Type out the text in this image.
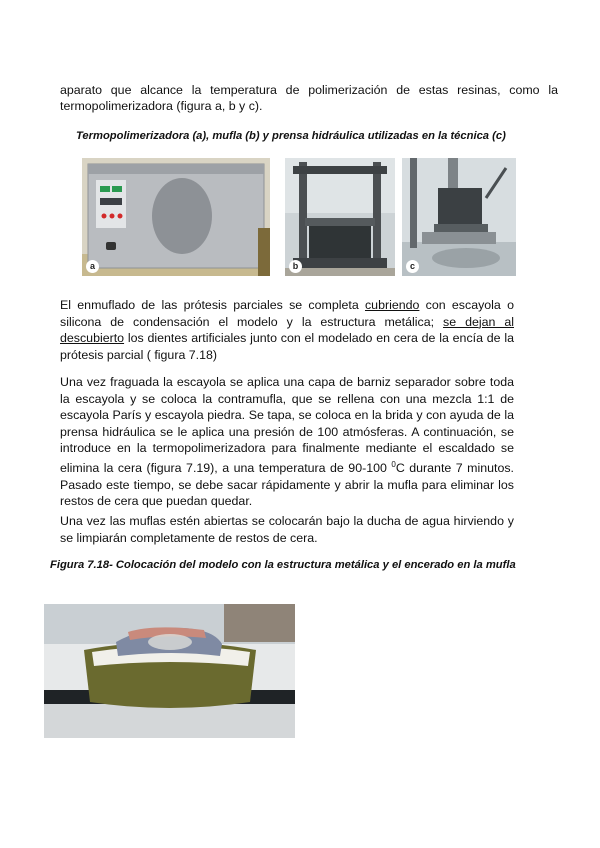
aparato que alcance la temperatura de polimerización de estas resinas, como la

termopolimerizadora (figura a, b y c).

Termopolimerizadora (a), mufla (b) y prensa hidráulica utilizadas en la técnica (c)

a	b	c

El enmuflado de las prótesis parciales se completa cubriendo con escayola o silicona de condensación el modelo y la estructura metálica; se dejan al descubierto los dientes artificiales junto con el modelado en cera de la encía de la prótesis parcial ( figura 7.18)

Una vez fraguada la escayola se aplica una capa de barniz separador sobre toda la escayola y se coloca la contramufla, que se rellena con una mezcla 1:1 de escayola París y escayola piedra. Se tapa, se coloca en la brida y con ayuda de la prensa hidráulica se le aplica una presión de 100 atmósferas. A continuación, se introduce en la termopolimerizadora para finalmente mediante el escaldado se elimina la cera (figura 7.19), a una temperatura de 90-100 $^0$C durante 7 minutos. Pasado este tiempo, se debe sacar rápidamente y abrir la mufla para eliminar los restos de cera que puedan quedar.

Una vez las muflas estén abiertas se colocarán bajo la ducha de agua hirviendo y se limpiarán completamente de restos de cera.

Figura 7.18- Colocación del modelo con la estructura metálica y el encerado en la mufla
